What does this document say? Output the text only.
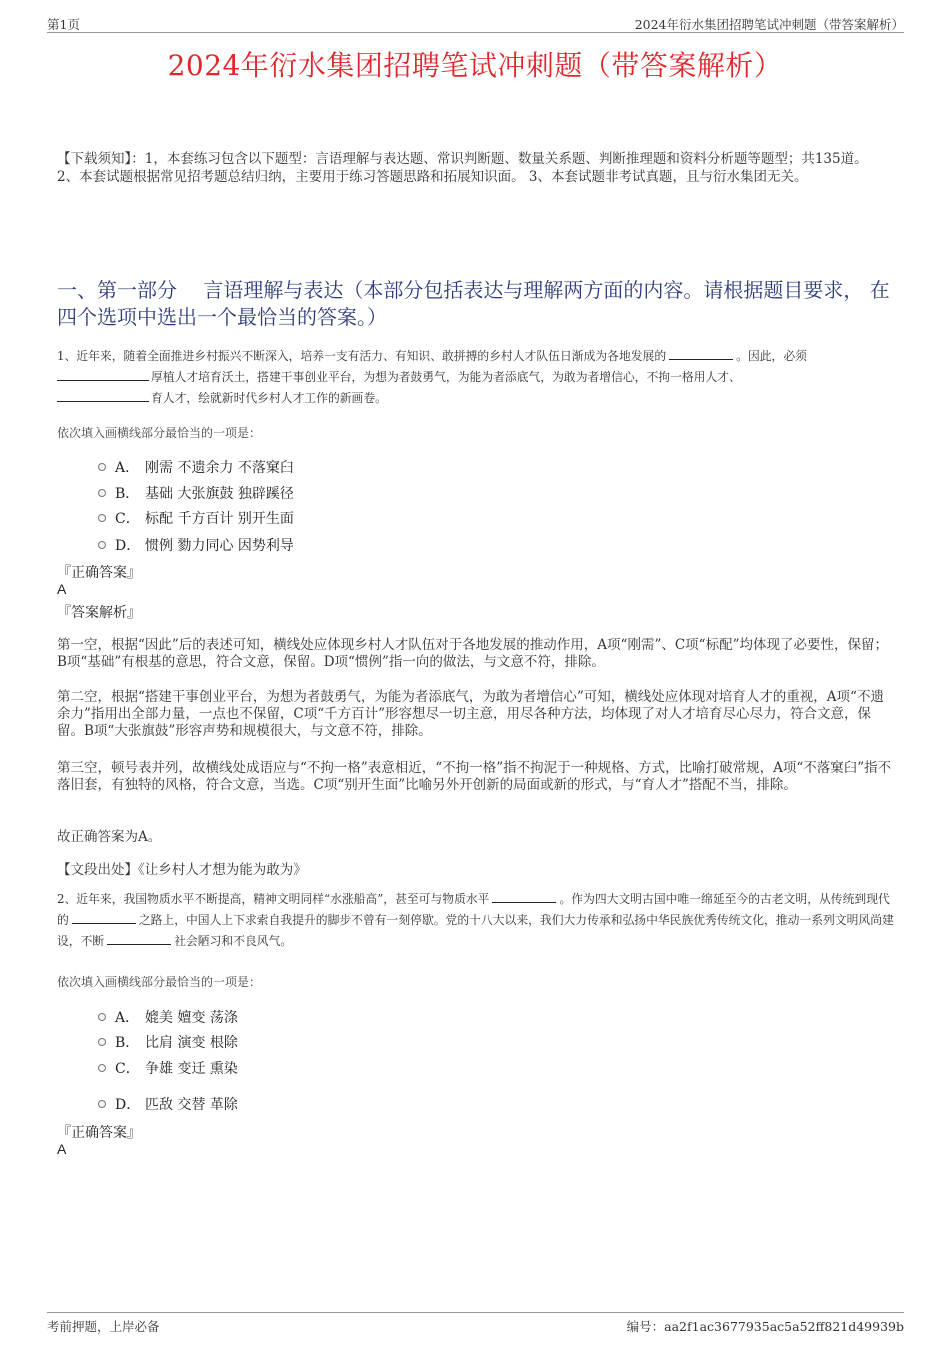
第1页	2024年衍水集团招聘笔试冲刺题（带答案解析）
2024年衍水集团招聘笔试冲刺题（带答案解析）
【下载须知】：1，本套练习包含以下题型：言语理解与表达题、常识判断题、数量关系题、判断推理题和资料分析题等题型；共135道。 2、本套试题根据常见招考题总结归纳，主要用于练习答题思路和拓展知识面。 3、本套试题非考试真题，且与衍水集团无关。
一、第一部分　 言语理解与表达（本部分包括表达与理解两方面的内容。请根据题目要求， 在四个选项中选出一个最恰当的答案。）
1、近年来，随着全面推进乡村振兴不断深入，培养一支有活力、有知识、敢拼搏的乡村人才队伍日渐成为各地发展的	。因此，必须
厚植人才培育沃土，搭建干事创业平台，为想为者鼓勇气，为能为者添底气，为敢为者增信心，不拘一格用人才、
育人才，绘就新时代乡村人才工作的新画卷。
依次填入画横线部分最恰当的一项是：
A． 刚需 不遗余力 不落窠臼
B． 基础 大张旗鼓 独辟蹊径
C． 标配 千方百计 别开生面
D． 惯例 勠力同心 因势利导
『正确答案』
A
『答案解析』
第一空，根据“因此”后的表述可知，横线处应体现乡村人才队伍对于各地发展的推动作用，A项“刚需”、C项“标配”均体现了必要性，保留；B项“基础”有根基的意思，符合文意，保留。D项“惯例”指一向的做法，与文意不符，排除。
第二空，根据“搭建干事创业平台，为想为者鼓勇气，为能为者添底气，为敢为者增信心”可知，横线处应体现对培育人才的重视，A项“不遗余力”指用出全部力量，一点也不保留，C项“千方百计”形容想尽一切主意，用尽各种方法，均体现了对人才培育尽心尽力，符合文意，保留。B项“大张旗鼓”形容声势和规模很大，与文意不符，排除。
第三空，顿号表并列，故横线处成语应与“不拘一格”表意相近，“不拘一格”指不拘泥于一种规格、方式，比喻打破常规，A项“不落窠臼”指不落旧套，有独特的风格，符合文意，当选。C项“别开生面”比喻另外开创新的局面或新的形式，与“育人才”搭配不当，排除。
故正确答案为A。
【文段出处】《让乡村人才想为能为敢为》

2、近年来，我国物质水平不断提高，精神文明同样“水涨船高”，甚至可与物质水平	。作为四大文明古国中唯一绵延至今的古老文明，从传统到现代的	之路上，中国人上下求索自我提升的脚步不曾有一刻停歇。党的十八大以来，我们大力传承和弘扬中华民族优秀传统文化，推动一系列文明风尚建设，不断	社会陋习和不良风气。
依次填入画横线部分最恰当的一项是：
A． 媲美 嬗变 荡涤
B． 比肩 演变 根除
C． 争雄 变迁 熏染
D． 匹敌 交替 革除
『正确答案』
A
考前押题，上岸必备	编号：aa2f1ac3677935ac5a52ff821d49939b
